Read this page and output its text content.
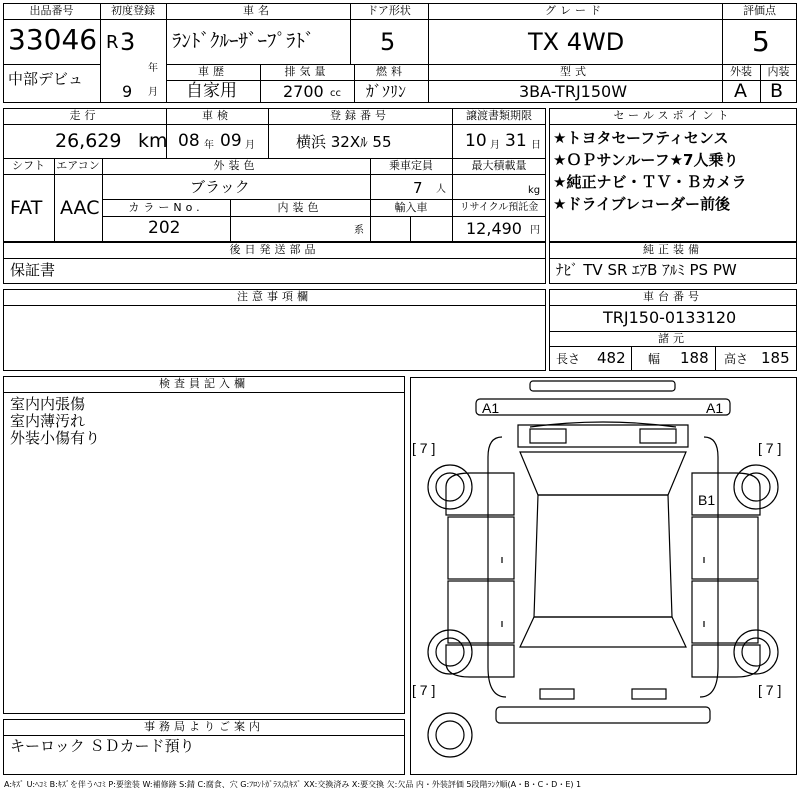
出品番号
33046
中部デビュ
初度登録
R 3
年
9 月
車名
ﾗﾝﾄﾞｸﾙｰｻﾞｰﾌﾟﾗﾄﾞ
ドア形状
5
グレード
TX 4WD
評価点
5
車歴
自家用
排気量
2700 cc
燃料
ｶﾞｿﾘﾝ
型式
3BA-TRJ150W
外装
A
内装
B
走行
26,629 km
車検
08 年 09 月
登録番号
横浜 32Xﾙ 55
譲渡書類期限
10 月 31 日
シフト
FAT
エアコン
AAC
外装色
ブラック
乗車定員
7 人
最大積載量
kg
カラーNo.
202
内装色
系
輸入車	リサイクル預託金
12,490 円
後日発送部品
保証書
セールスポイント
★トヨタセーフティセンス
★ＯＰサンルーフ★7人乗り
★純正ナビ・ＴＶ・Ｂカメラ
★ドライブレコーダー前後
純正装備
ﾅﾋﾞ TV SR ｴｱB ｱﾙﾐ PS PW
注意事項欄	車台番号
TRJ150-0133120
諸元
長さ 482 幅 188 高さ 185
検査員記入欄
室内内張傷
室内薄汚れ
外装小傷有り
事務局よりご案内
キーロック ＳＤカード預り
A:ｷｽﾞ U:ﾍｺﾐ B:ｷｽﾞを伴うﾍｺﾐ P:要塗装 W:補修跡 S:錆 C:腐食、穴 G:ﾌﾛﾝﾄｶﾞﾗｽ点ｷｽﾞ XX:交換済み X:要交換 欠:欠品 内・外装評価 5段階ﾗﾝｸ順(A・B・C・D・E) 1
A1	A1
B1
[ 7 ]	[ 7 ]
[ 7 ]	[ 7 ]
